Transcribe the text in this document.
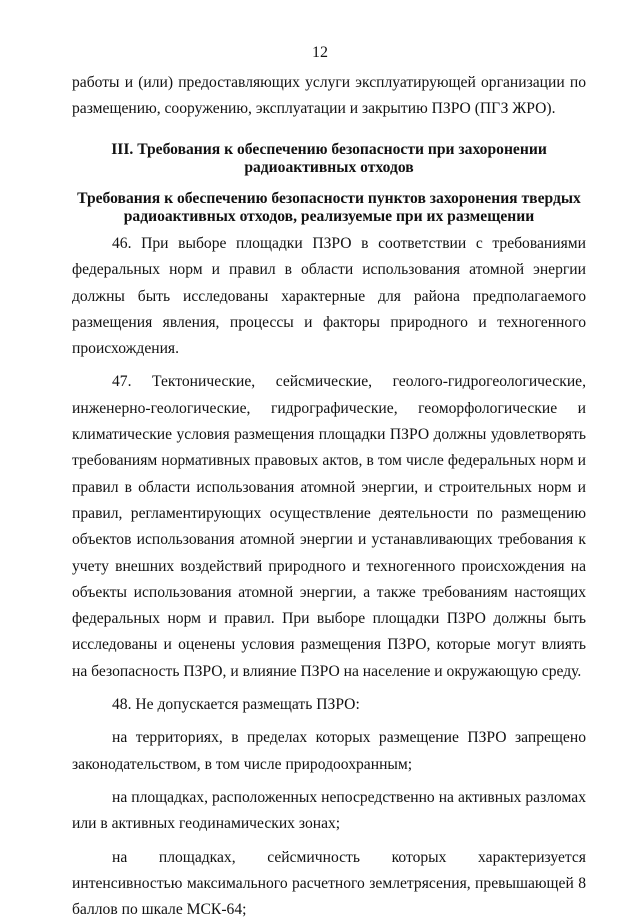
12

работы и (или) предоставляющих услуги эксплуатирующей организации по размещению, сооружению, эксплуатации и закрытию ПЗРО (ПГЗ ЖРО).

III. Требования к обеспечению безопасности при захоронении радиоактивных отходов
Требования к обеспечению безопасности пунктов захоронения твердых радиоактивных отходов, реализуемые при их размещении

46. При выборе площадки ПЗРО в соответствии с требованиями федеральных норм и правил в области использования атомной энергии должны быть исследованы характерные для района предполагаемого размещения явления, процессы и факторы природного и техногенного происхождения.

47. Тектонические, сейсмические, геолого-гидрогеологические, инженерно-геологические, гидрографические, геоморфологические и климатические условия размещения площадки ПЗРО должны удовлетворять требованиям нормативных правовых актов, в том числе федеральных норм и правил в области использования атомной энергии, и строительных норм и правил, регламентирующих осуществление деятельности по размещению объектов использования атомной энергии и устанавливающих требования к учету внешних воздействий природного и техногенного происхождения на объекты использования атомной энергии, а также требованиям настоящих федеральных норм и правил. При выборе площадки ПЗРО должны быть исследованы и оценены условия размещения ПЗРО, которые могут влиять на безопасность ПЗРО, и влияние ПЗРО на население и окружающую среду.

48. Не допускается размещать ПЗРО:

на территориях, в пределах которых размещение ПЗРО запрещено законодательством, в том числе природоохранным;

на площадках, расположенных непосредственно на активных разломах или в активных геодинамических зонах;

на площадках, сейсмичность которых характеризуется интенсивностью максимального расчетного землетрясения, превышающей 8 баллов по шкале МСК-64;
